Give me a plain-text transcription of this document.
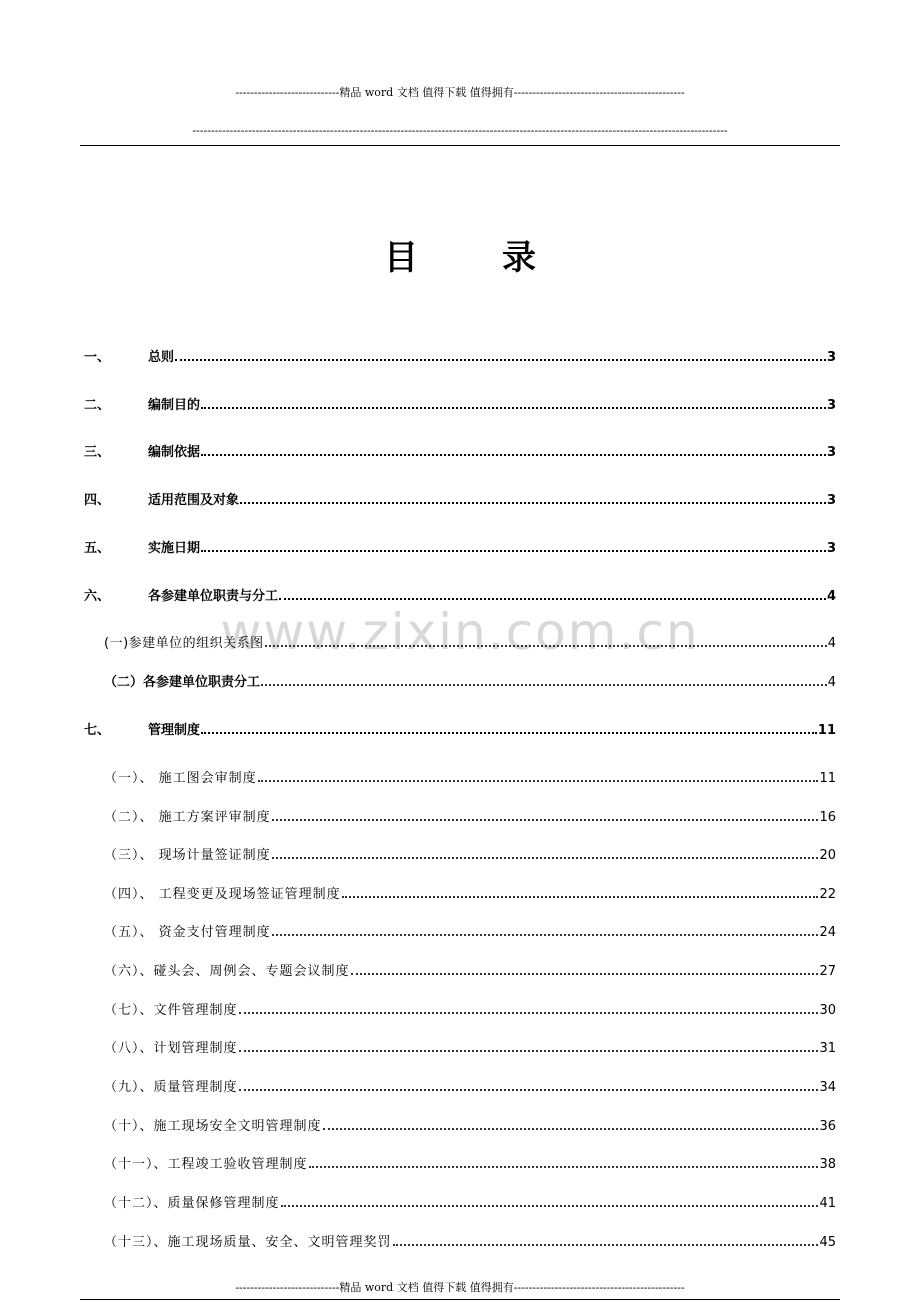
----------------------------精品 word 文档 值得下载 值得拥有----------------------------------------------
------------------------------------------------------------------------------------------------------------------------------------------------
目 录
www.zixin.com.cn
一、	总则	3
二、	编制目的	3
三、	编制依据	3
四、	适用范围及对象	3
五、	实施日期	3
六、	各参建单位职责与分工	4
(一)参建单位的组织关系图	4
（二）各参建单位职责分工	4
七、	管理制度	11
（一）、 施工图会审制度	11
（二）、 施工方案评审制度	16
（三）、 现场计量签证制度	20
（四）、 工程变更及现场签证管理制度	22
（五）、 资金支付管理制度	24
（六）、碰头会、周例会、专题会议制度	27
（七）、文件管理制度	30
（八）、计划管理制度	31
（九）、质量管理制度	34
（十）、施工现场安全文明管理制度	36
（十一）、工程竣工验收管理制度	38
（十二）、质量保修管理制度	41
（十三）、施工现场质量、安全、文明管理奖罚	45
----------------------------精品 word 文档 值得下载 值得拥有----------------------------------------------
